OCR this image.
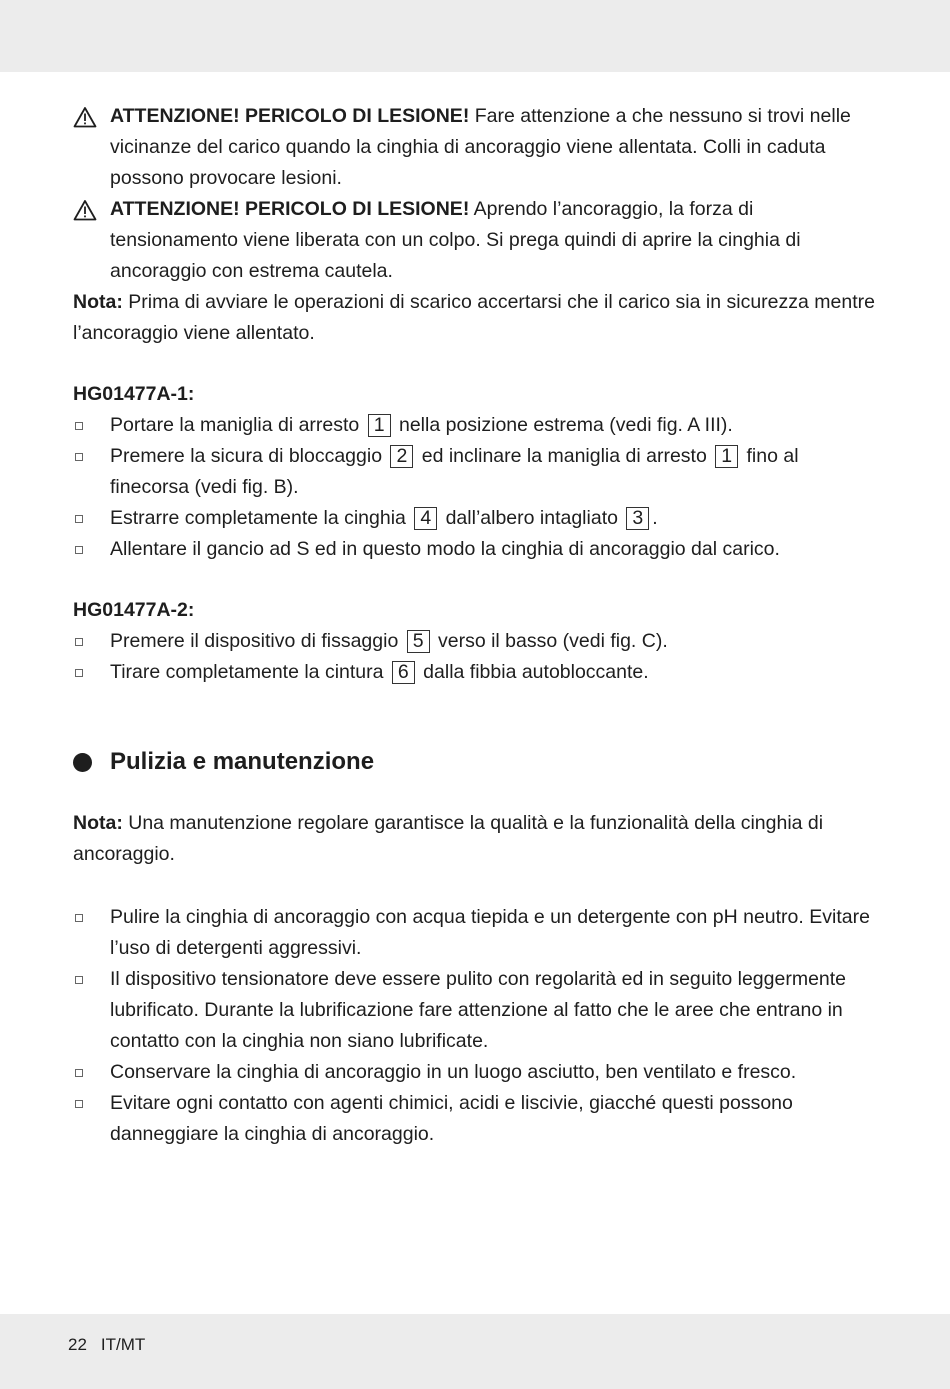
ATTENZIONE! PERICOLO DI LESIONE! Fare attenzione a che nessuno si trovi nelle vicinanze del carico quando la cinghia di ancoraggio viene allentata. Colli in caduta possono provocare lesioni.

ATTENZIONE! PERICOLO DI LESIONE! Aprendo l’ancoraggio, la forza di tensionamento viene liberata con un colpo. Si prega quindi di aprire la cinghia di ancoraggio con estrema cautela.

Nota: Prima di avviare le operazioni di scarico accertarsi che il carico sia in sicurezza mentre l’ancoraggio viene allentato.

HG01477A-1:

Portare la maniglia di arresto 1 nella posizione estrema (vedi fig. A III).
Premere la sicura di bloccaggio 2 ed inclinare la maniglia di arresto 1 fino al finecorsa (vedi fig. B).
Estrarre completamente la cinghia 4 dall’albero intagliato 3 .
Allentare il gancio ad S ed in questo modo la cinghia di ancoraggio dal carico.

HG01477A-2:

Premere il dispositivo di fissaggio 5 verso il basso (vedi fig. C).
Tirare completamente la cintura 6 dalla fibbia autobloccante.
Pulizia e manutenzione

Nota: Una manutenzione regolare garantisce la qualità e la funzionalità della cinghia di ancoraggio.

Pulire la cinghia di ancoraggio con acqua tiepida e un detergente con pH neutro. Evitare l’uso di detergenti aggressivi.
Il dispositivo tensionatore deve essere pulito con regolarità ed in seguito leggermente lubrificato. Durante la lubrificazione fare attenzione al fatto che le aree che entrano in contatto con la cinghia non siano lubrificate.
Conservare la cinghia di ancoraggio in un luogo asciutto, ben ventilato e fresco.
Evitare ogni contatto con agenti chimici, acidi e liscivie, giacché questi possono danneggiare la cinghia di ancoraggio.
22 IT/MT
